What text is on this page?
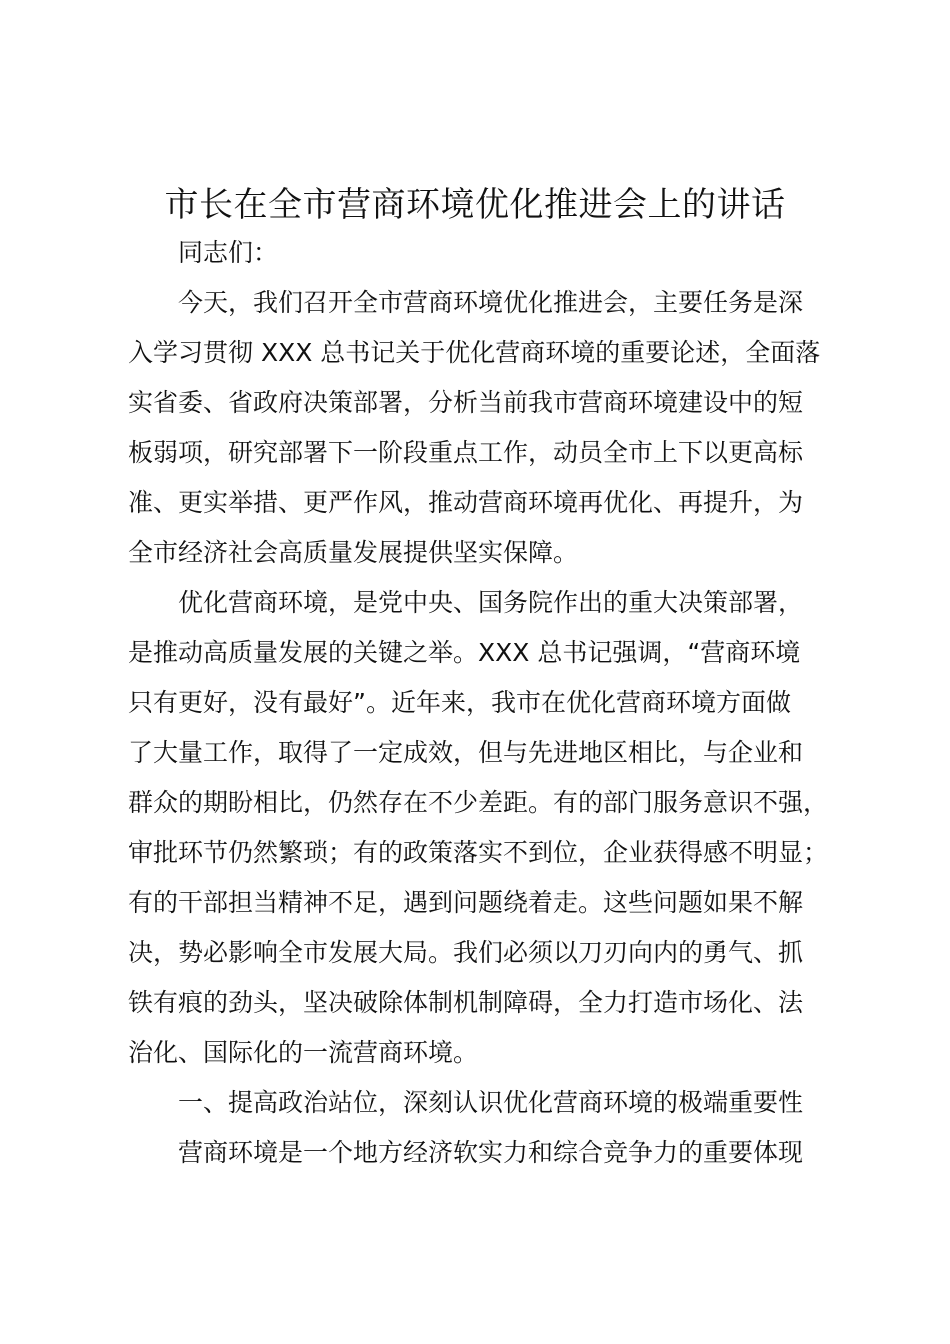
市长在全市营商环境优化推进会上的讲话

同志们：

今天，我们召开全市营商环境优化推进会，主要任务是深

入学习贯彻 XXX 总书记关于优化营商环境的重要论述，全面落

实省委、省政府决策部署，分析当前我市营商环境建设中的短

板弱项，研究部署下一阶段重点工作，动员全市上下以更高标

准、更实举措、更严作风，推动营商环境再优化、再提升，为

全市经济社会高质量发展提供坚实保障。

优化营商环境，是党中央、国务院作出的重大决策部署，

是推动高质量发展的关键之举。XXX 总书记强调，“营商环境

只有更好，没有最好”。近年来，我市在优化营商环境方面做

了大量工作，取得了一定成效，但与先进地区相比，与企业和

群众的期盼相比，仍然存在不少差距。有的部门服务意识不强，

审批环节仍然繁琐；有的政策落实不到位，企业获得感不明显；

有的干部担当精神不足，遇到问题绕着走。这些问题如果不解

决，势必影响全市发展大局。我们必须以刀刃向内的勇气、抓

铁有痕的劲头，坚决破除体制机制障碍，全力打造市场化、法

治化、国际化的一流营商环境。

一、提高政治站位，深刻认识优化营商环境的极端重要性

营商环境是一个地方经济软实力和综合竞争力的重要体现
